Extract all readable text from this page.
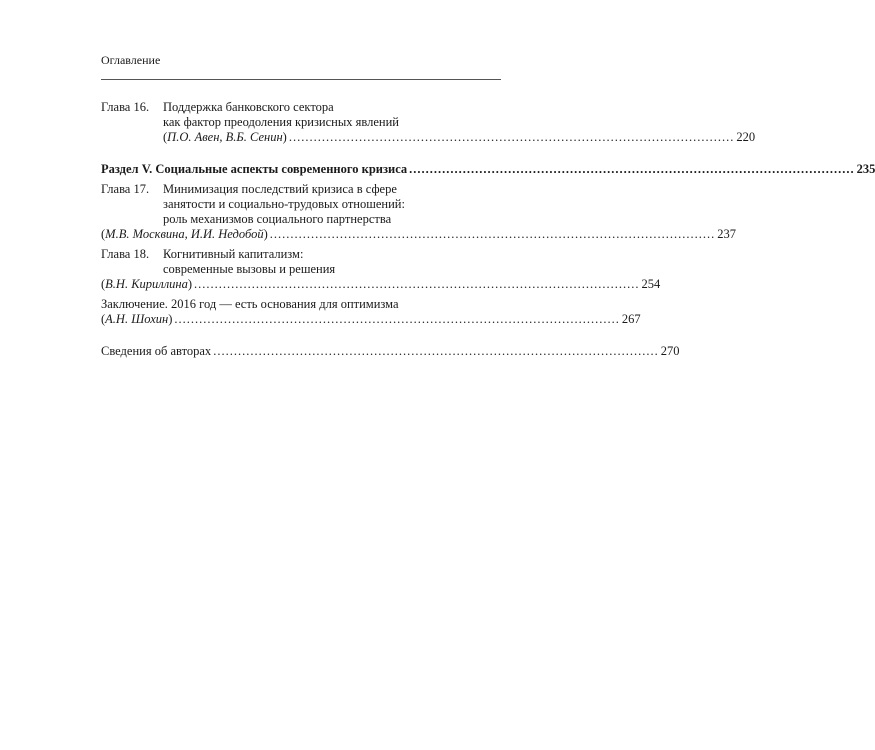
Оглавление
Глава 16.	Поддержка банковского сектора
как фактор преодоления кризисных явлений
(П.О. Авен, В.Б. Сенин) ............................................................................................................ 220
Раздел V. Социальные аспекты современного кризиса ............................................................................................................ 235
Глава 17.	Минимизация последствий кризиса в сфере
занятости и социально-трудовых отношений:
роль механизмов социального партнерства
(М.В. Москвина, И.И. Недобой) ............................................................................................................ 237
Глава 18.	Когнитивный капитализм:
современные вызовы и решения
(В.Н. Кириллина) ............................................................................................................ 254
Заключение. 2016 год — есть основания для оптимизма
(А.Н. Шохин) ............................................................................................................ 267
Сведения об авторах ............................................................................................................ 270
